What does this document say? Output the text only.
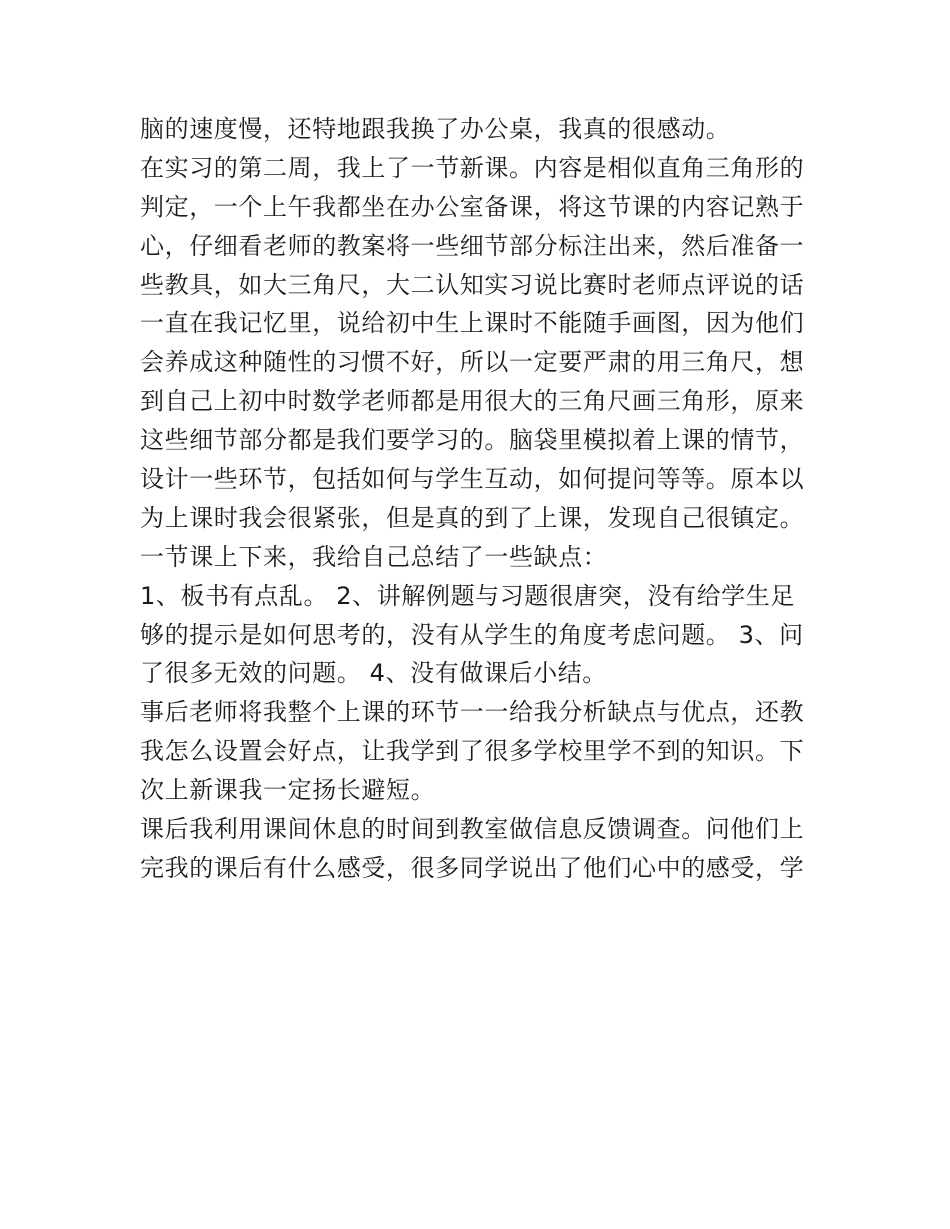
脑的速度慢，还特地跟我换了办公桌，我真的很感动。
在实习的第二周，我上了一节新课。内容是相似直角三角形的
判定，一个上午我都坐在办公室备课，将这节课的内容记熟于
心，仔细看老师的教案将一些细节部分标注出来，然后准备一
些教具，如大三角尺，大二认知实习说比赛时老师点评说的话
一直在我记忆里，说给初中生上课时不能随手画图，因为他们
会养成这种随性的习惯不好，所以一定要严肃的用三角尺，想
到自己上初中时数学老师都是用很大的三角尺画三角形，原来
这些细节部分都是我们要学习的。脑袋里模拟着上课的情节，
设计一些环节，包括如何与学生互动，如何提问等等。原本以
为上课时我会很紧张，但是真的到了上课，发现自己很镇定。
一节课上下来，我给自己总结了一些缺点：
1、板书有点乱。 2、讲解例题与习题很唐突，没有给学生足
够的提示是如何思考的，没有从学生的角度考虑问题。 3、问
了很多无效的问题。 4、没有做课后小结。
事后老师将我整个上课的环节一一给我分析缺点与优点，还教
我怎么设置会好点，让我学到了很多学校里学不到的知识。下
次上新课我一定扬长避短。
课后我利用课间休息的时间到教室做信息反馈调查。问他们上
完我的课后有什么感受，很多同学说出了他们心中的感受，学
